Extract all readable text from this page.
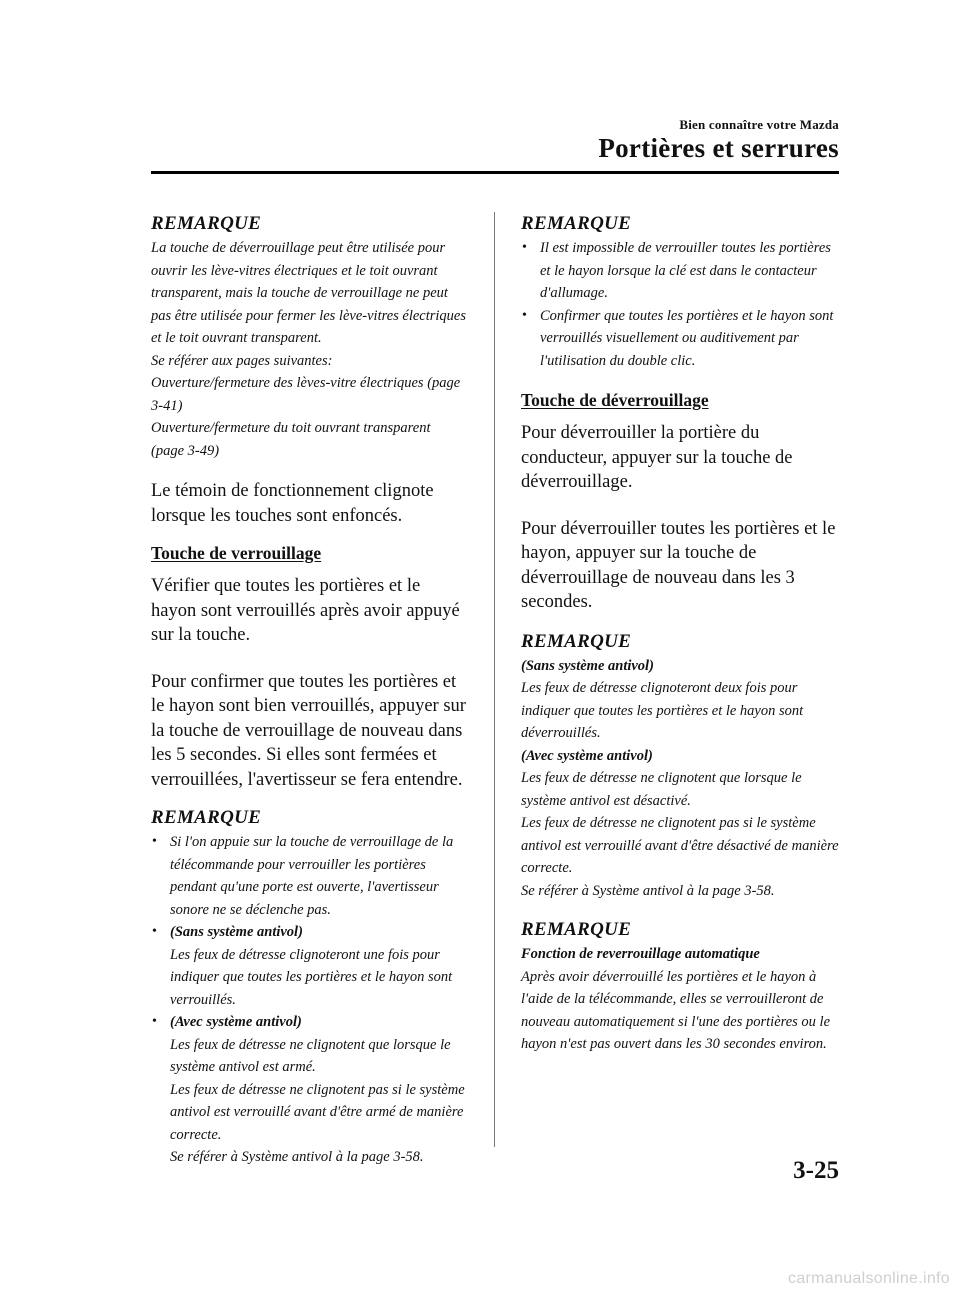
Bien connaître votre Mazda
Portières et serrures

REMARQUE

La touche de déverrouillage peut être utilisée pour ouvrir les lève-vitres électriques et le toit ouvrant transparent, mais la touche de verrouillage ne peut pas être utilisée pour fermer les lève-vitres électriques et le toit ouvrant transparent.

Se référer aux pages suivantes:

Ouverture/fermeture des lèves-vitre électriques (page 3-41)

Ouverture/fermeture du toit ouvrant transparent (page 3-49)

Le témoin de fonctionnement clignote lorsque les touches sont enfoncés.

Touche de verrouillage

Vérifier que toutes les portières et le hayon sont verrouillés après avoir appuyé sur la touche.

Pour confirmer que toutes les portières et le hayon sont bien verrouillés, appuyer sur la touche de verrouillage de nouveau dans les 5 secondes. Si elles sont fermées et verrouillées, l'avertisseur se fera entendre.

REMARQUE

• Si l'on appuie sur la touche de verrouillage de la télécommande pour verrouiller les portières pendant qu'une porte est ouverte, l'avertisseur sonore ne se déclenche pas.
• (Sans système antivol)
Les feux de détresse clignoteront une fois pour indiquer que toutes les portières et le hayon sont verrouillés.
• (Avec système antivol)
Les feux de détresse ne clignotent que lorsque le système antivol est armé.
Les feux de détresse ne clignotent pas si le système antivol est verrouillé avant d'être armé de manière correcte.
Se référer à Système antivol à la page 3-58.

REMARQUE

• Il est impossible de verrouiller toutes les portières et le hayon lorsque la clé est dans le contacteur d'allumage.
• Confirmer que toutes les portières et le hayon sont verrouillés visuellement ou auditivement par l'utilisation du double clic.

Touche de déverrouillage

Pour déverrouiller la portière du conducteur, appuyer sur la touche de déverrouillage.

Pour déverrouiller toutes les portières et le hayon, appuyer sur la touche de déverrouillage de nouveau dans les 3 secondes.

REMARQUE

(Sans système antivol)

Les feux de détresse clignoteront deux fois pour indiquer que toutes les portières et le hayon sont déverrouillés.

(Avec système antivol)

Les feux de détresse ne clignotent que lorsque le système antivol est désactivé.

Les feux de détresse ne clignotent pas si le système antivol est verrouillé avant d'être désactivé de manière correcte.

Se référer à Système antivol à la page 3-58.

REMARQUE

Fonction de reverrouillage automatique

Après avoir déverrouillé les portières et le hayon à l'aide de la télécommande, elles se verrouilleront de nouveau automatiquement si l'une des portières ou le hayon n'est pas ouvert dans les 30 secondes environ.

3-25
carmanualsonline.info
